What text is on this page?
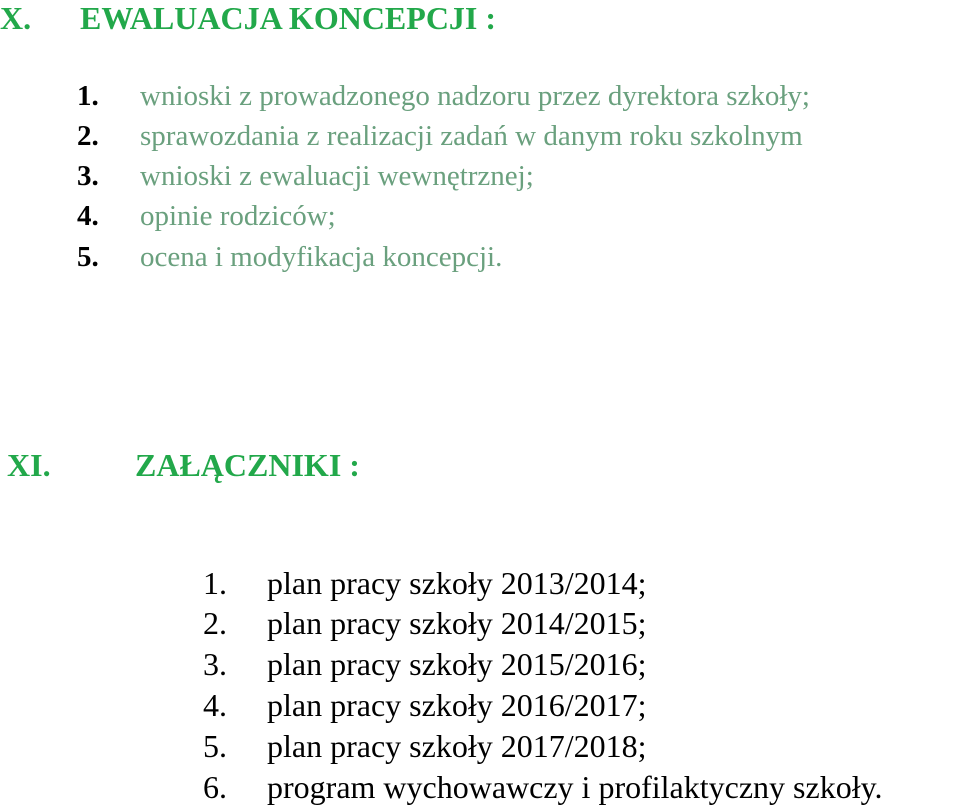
X. EWALUACJA KONCEPCJI :
1. wnioski z prowadzonego nadzoru przez dyrektora szkoły;
2. sprawozdania z realizacji zadań w danym roku szkolnym
3. wnioski z ewaluacji wewnętrznej;
4. opinie rodziców;
5. ocena i modyfikacja koncepcji.
XI.	ZAŁĄCZNIKI :
1. plan pracy szkoły 2013/2014;
2. plan pracy szkoły 2014/2015;
3. plan pracy szkoły 2015/2016;
4. plan pracy szkoły 2016/2017;
5. plan pracy szkoły 2017/2018;
6. program wychowawczy i profilaktyczny szkoły.
